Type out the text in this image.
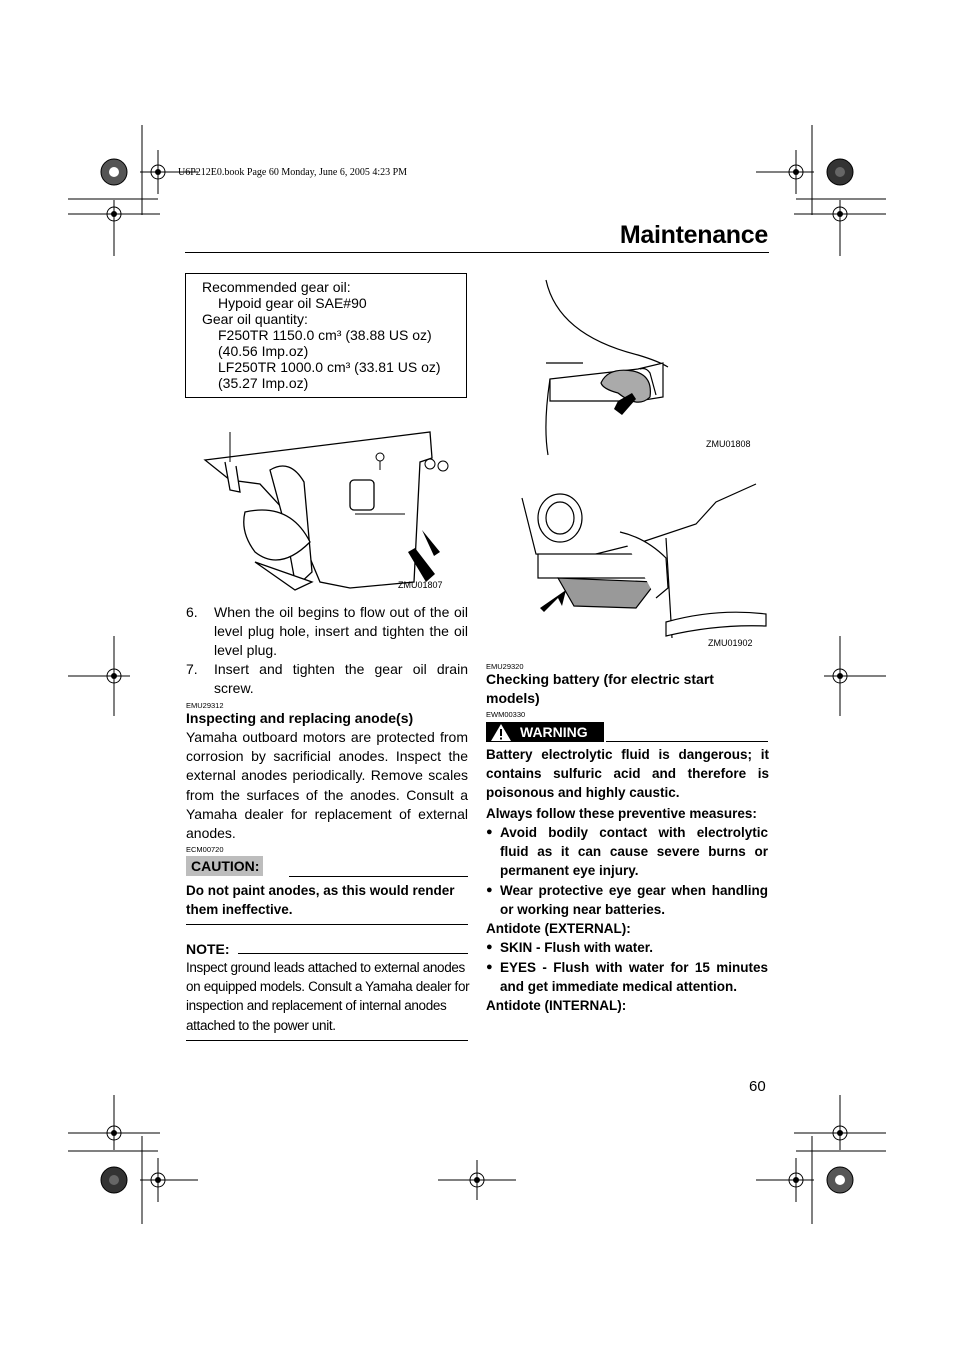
U6P212E0.book Page 60 Monday, June 6, 2005 4:23 PM
Maintenance
Recommended gear oil:
Hypoid gear oil SAE#90
Gear oil quantity:
F250TR 1150.0 cm³ (38.88 US oz)
(40.56 Imp.oz)
LF250TR 1000.0 cm³ (33.81 US oz)
(35.27 Imp.oz)
ZMU01807
6. When the oil begins to flow out of the oil level plug hole, insert and tighten the oil level plug.
7. Insert and tighten the gear oil drain screw.
EMU29312
Inspecting and replacing anode(s)
Yamaha outboard motors are protected from corrosion by sacrificial anodes. Inspect the external anodes periodically. Remove scales from the surfaces of the anodes. Consult a Yamaha dealer for replacement of external anodes.
ECM00720
CAUTION:
Do not paint anodes, as this would render them ineffective.
NOTE:
Inspect ground leads attached to external anodes on equipped models. Consult a Yamaha dealer for inspection and replacement of internal anodes attached to the power unit.
ZMU01808
ZMU01902
EMU29320
Checking battery (for electric start
models)
EWM00330
WARNING
Battery electrolytic fluid is dangerous; it contains sulfuric acid and therefore is poisonous and highly caustic.
Always follow these preventive measures:
● Avoid bodily contact with electrolytic fluid as it can cause severe burns or permanent eye injury.
● Wear protective eye gear when handling or working near batteries.
Antidote (EXTERNAL):
● SKIN - Flush with water.
● EYES - Flush with water for 15 minutes and get immediate medical attention.
Antidote (INTERNAL):
60
